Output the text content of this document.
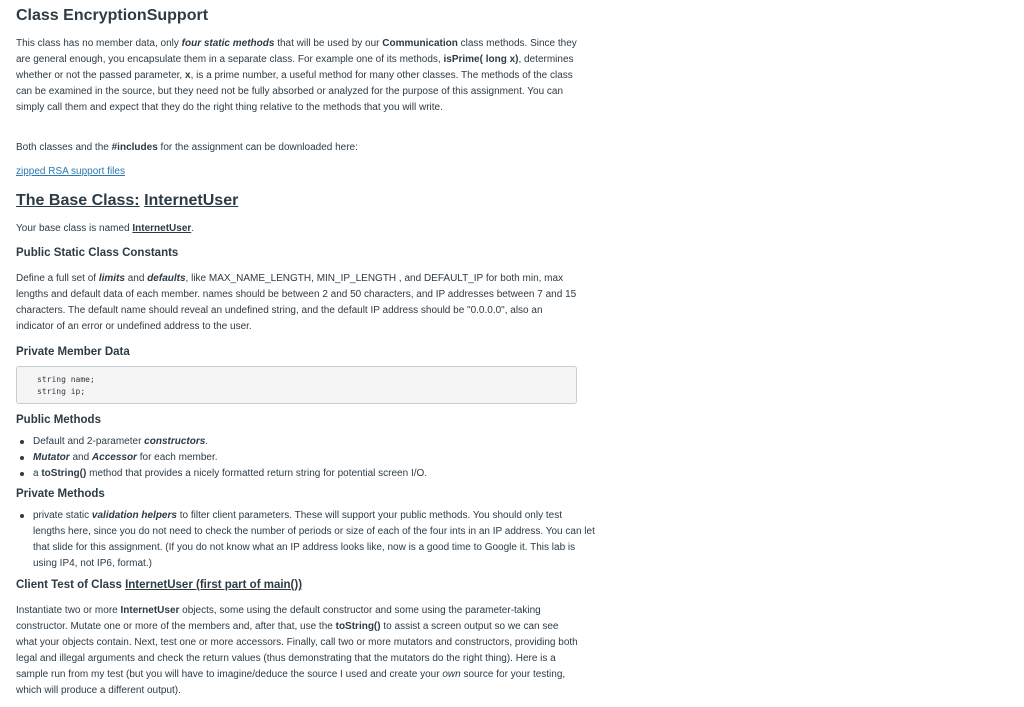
Class EncryptionSupport

This class has no member data, only four static methods that will be used by our Communication class methods. Since they are general enough, you encapsulate them in a separate class. For example one of its methods, isPrime( long x), determines whether or not the passed parameter, x, is a prime number, a useful method for many other classes. The methods of the class can be examined in the source, but they need not be fully absorbed or analyzed for the purpose of this assignment. You can simply call them and expect that they do the right thing relative to the methods that you will write.

Both classes and the #includes for the assignment can be downloaded here:

zipped RSA support files

The Base Class: InternetUser

Your base class is named InternetUser.

Public Static Class Constants

Define a full set of limits and defaults, like MAX_NAME_LENGTH, MIN_IP_LENGTH , and DEFAULT_IP for both min, max lengths and default data of each member. names should be between 2 and 50 characters, and IP addresses between 7 and 15 characters. The default name should reveal an undefined string, and the default IP address should be "0.0.0.0", also an indicator of an error or undefined address to the user.

Private Member Data
string name;
string ip;
Public Methods
Default and 2-parameter constructors.
Mutator and Accessor for each member.
a toString() method that provides a nicely formatted return string for potential screen I/O.
Private Methods
private static validation helpers to filter client parameters. These will support your public methods. You should only test lengths here, since you do not need to check the number of periods or size of each of the four ints in an IP address. You can let that slide for this assignment. (If you do not know what an IP address looks like, now is a good time to Google it. This lab is using IP4, not IP6, format.)
Client Test of Class InternetUser (first part of main())

Instantiate two or more InternetUser objects, some using the default constructor and some using the parameter-taking constructor. Mutate one or more of the members and, after that, use the toString() to assist a screen output so we can see what your objects contain. Next, test one or more accessors. Finally, call two or more mutators and constructors, providing both legal and illegal arguments and check the return values (thus demonstrating that the mutators do the right thing). Here is a sample run from my test (but you will have to imagine/deduce the source I used and create your own source for your testing, which will produce a different output).
